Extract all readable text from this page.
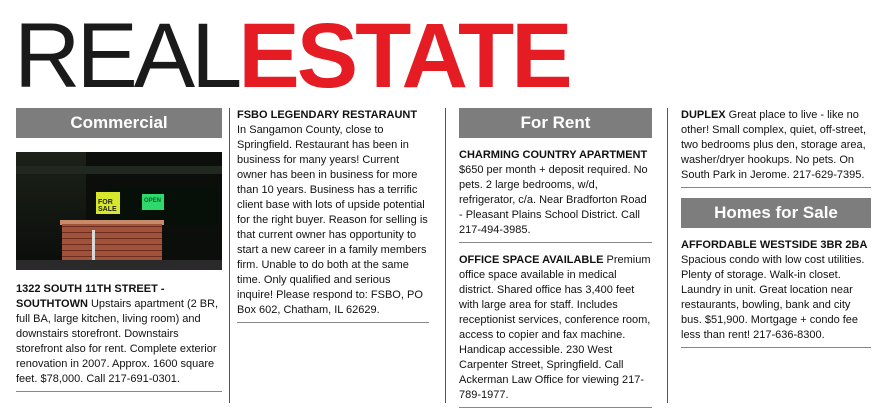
REALESTATE
Commercial
FOR SALE
OPEN
1322 SOUTH 11TH STREET - SOUTHTOWN Upstairs apartment (2 BR, full BA, large kitchen, living room) and downstairs storefront. Downstairs storefront also for rent. Complete exterior renovation in 2007. Approx. 1600 square feet. $78,000. Call 217-691-0301.
FSBO LEGENDARY RESTARAUNT In Sangamon County, close to Springfield. Restaurant has been in business for many years! Current owner has been in business for more than 10 years. Business has a terrific client base with lots of upside potential for the right buyer. Reason for selling is that current owner has opportunity to start a new career in a family members firm. Unable to do both at the same time. Only qualified and serious inquire! Please respond to: FSBO, PO Box 602, Chatham, IL 62629.
For Rent
CHARMING COUNTRY APARTMENT $650 per month + deposit required. No pets. 2 large bedrooms, w/d, refrigerator, c/a. Near Bradforton Road - Pleasant Plains School District. Call 217-494-3985.
OFFICE SPACE AVAILABLE Premium office space available in medical district. Shared office has 3,400 feet with large area for staff. Includes receptionist services, conference room, access to copier and fax machine. Handicap accessible. 230 West Carpenter Street, Springfield. Call Ackerman Law Office for viewing 217-789-1977.
DUPLEX Great place to live - like no other! Small complex, quiet, off-street, two bedrooms plus den, storage area, washer/dryer hookups. No pets. On South Park in Jerome. 217-629-7395.
Homes for Sale
AFFORDABLE WESTSIDE 3BR 2BA Spacious condo with low cost utilities. Plenty of storage. Walk-in closet. Laundry in unit. Great location near restaurants, bowling, bank and city bus. $51,900. Mortgage + condo fee less than rent! 217-636-8300.
